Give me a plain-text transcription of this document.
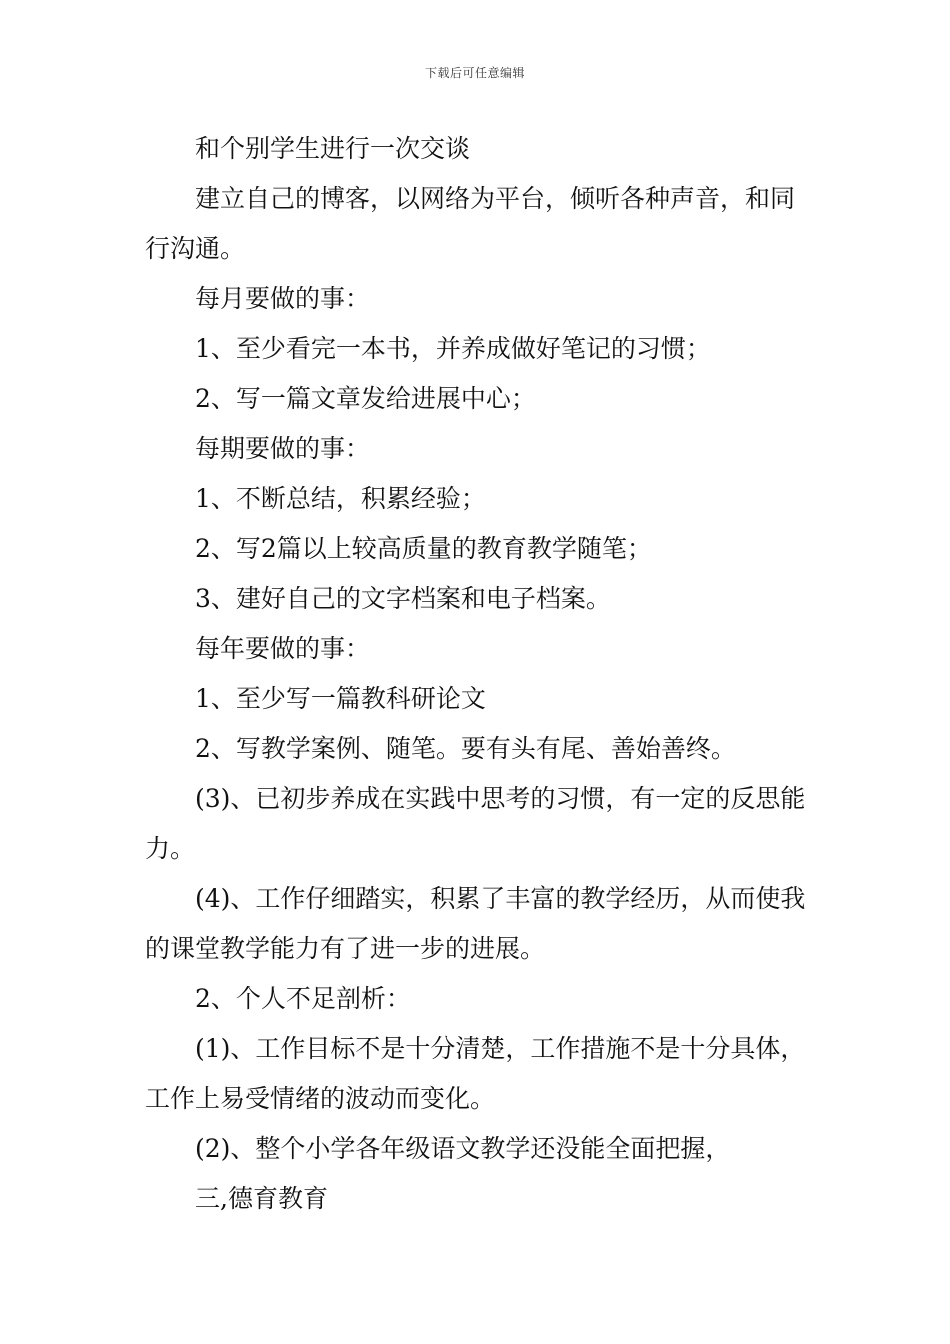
下载后可任意编辑

和个别学生进行一次交谈

建立自己的博客，以网络为平台，倾听各种声音，和同行沟通。

每月要做的事：

1、至少看完一本书，并养成做好笔记的习惯；

2、写一篇文章发给进展中心；

每期要做的事：

1、不断总结，积累经验；

2、写2篇以上较高质量的教育教学随笔；

3、建好自己的文字档案和电子档案。

每年要做的事：

1、至少写一篇教科研论文

2、写教学案例、随笔。要有头有尾、善始善终。

(3)、已初步养成在实践中思考的习惯，有一定的反思能力。

(4)、工作仔细踏实，积累了丰富的教学经历，从而使我的课堂教学能力有了进一步的进展。

2、个人不足剖析：

(1)、工作目标不是十分清楚，工作措施不是十分具体，工作上易受情绪的波动而变化。

(2)、整个小学各年级语文教学还没能全面把握，

三,德育教育
